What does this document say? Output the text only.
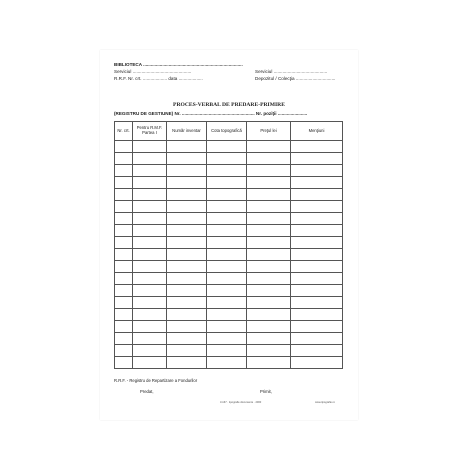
BIBLIOTECA ..............................................................................
Serviciul ..............................................	Serviciul ..........................................
R.R.F. Nr. crt. ................... data ...................	Depozitul / Colecţia ...............................
PROCES-VERBAL DE PREDARE-PRIMIRE
(REGISTRU DE GESTIUNE) Nr. ......................................................... Nr. poziţii .......................
Nr. crt.	Pentru R.M.F. Partea I	Număr inventar	Cota topografică	Preţul lei	Menţiuni

R.R.F. - Registru de Repartizare a Fondurilor
Predat,	Primit,
3-167 · tipografie documente · 2000	www.tipografie.ro
